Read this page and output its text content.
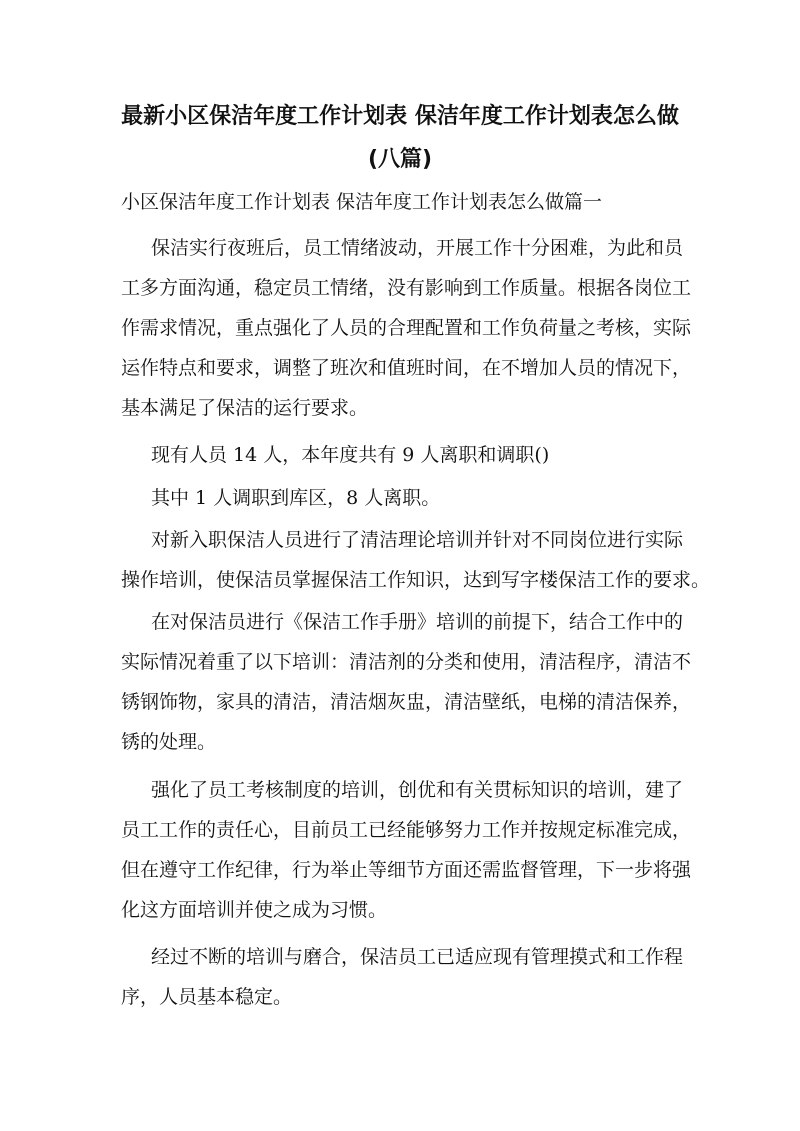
最新小区保洁年度工作计划表 保洁年度工作计划表怎么做
(八篇)
小区保洁年度工作计划表 保洁年度工作计划表怎么做篇一
保洁实行夜班后，员工情绪波动，开展工作十分困难，为此和员
工多方面沟通，稳定员工情绪，没有影响到工作质量。根据各岗位工
作需求情况，重点强化了人员的合理配置和工作负荷量之考核，实际
运作特点和要求，调整了班次和值班时间，在不增加人员的情况下，
基本满足了保洁的运行要求。
现有人员 14 人，本年度共有 9 人离职和调职()
其中 1 人调职到库区，8 人离职。
对新入职保洁人员进行了清洁理论培训并针对不同岗位进行实际
操作培训，使保洁员掌握保洁工作知识，达到写字楼保洁工作的要求。
在对保洁员进行《保洁工作手册》培训的前提下，结合工作中的
实际情况着重了以下培训：清洁剂的分类和使用，清洁程序，清洁不
锈钢饰物，家具的清洁，清洁烟灰盅，清洁壁纸，电梯的清洁保养，
锈的处理。
强化了员工考核制度的培训，创优和有关贯标知识的培训，建了
员工工作的责任心，目前员工已经能够努力工作并按规定标准完成，
但在遵守工作纪律，行为举止等细节方面还需监督管理，下一步将强
化这方面培训并使之成为习惯。
经过不断的培训与磨合，保洁员工已适应现有管理摸式和工作程
序，人员基本稳定。
